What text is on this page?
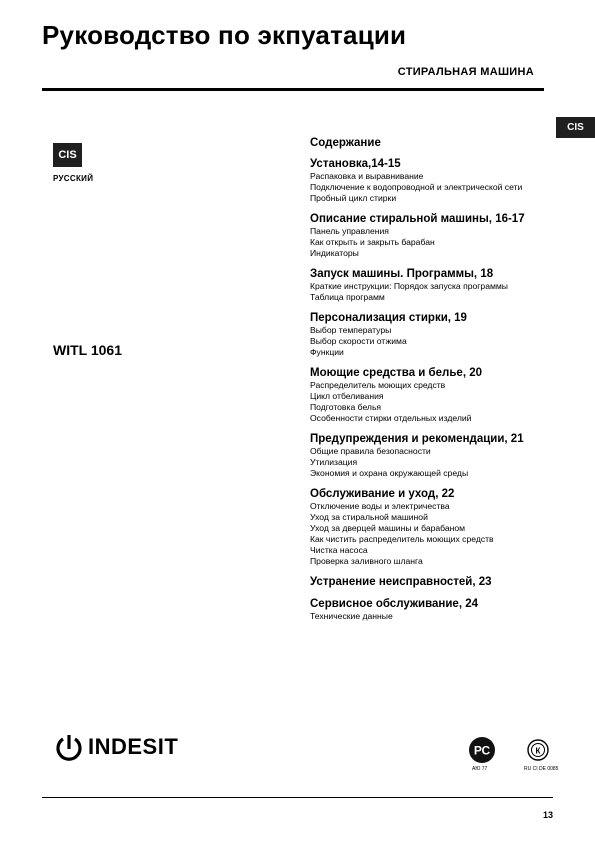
Руководство по экпуатации
СТИРАЛЬНАЯ МАШИНА
CIS
CIS
РУССКИЙ
WITL 1061
Содержание
Установка,14-15
Распаковка и выравнивание
Подключение к водопроводной и электрической сети
Пробный цикл стирки
Описание стиральной машины, 16-17
Панель управления
Как открыть и закрыть барабан
Индикаторы
Запуск машины. Программы, 18
Краткие инструкции: Порядок запуска программы
Таблица программ
Персонализация стирки, 19
Выбор температуры
Выбор скорости отжима
Функции
Моющие средства и белье, 20
Распределитель моющих средств
Цикл отбеливания
Подготовка белья
Особенности стирки отдельных изделий
Предупреждения и рекомендации, 21
Общие правила безопасности
Утилизация
Экономия и охрана окружающей среды
Обслуживание и уход, 22
Отключение воды и электричества
Уход за стиральной машиной
Уход за дверцей машины и барабаном
Как чистить распределитель моющих средств
Чистка насоса
Проверка заливного шланга
Устранение неисправностей, 23
Сервисное обслуживание, 24
Технические данные
INDESIT	РС
АЮ 77
К
RU CI DE 0085
13
